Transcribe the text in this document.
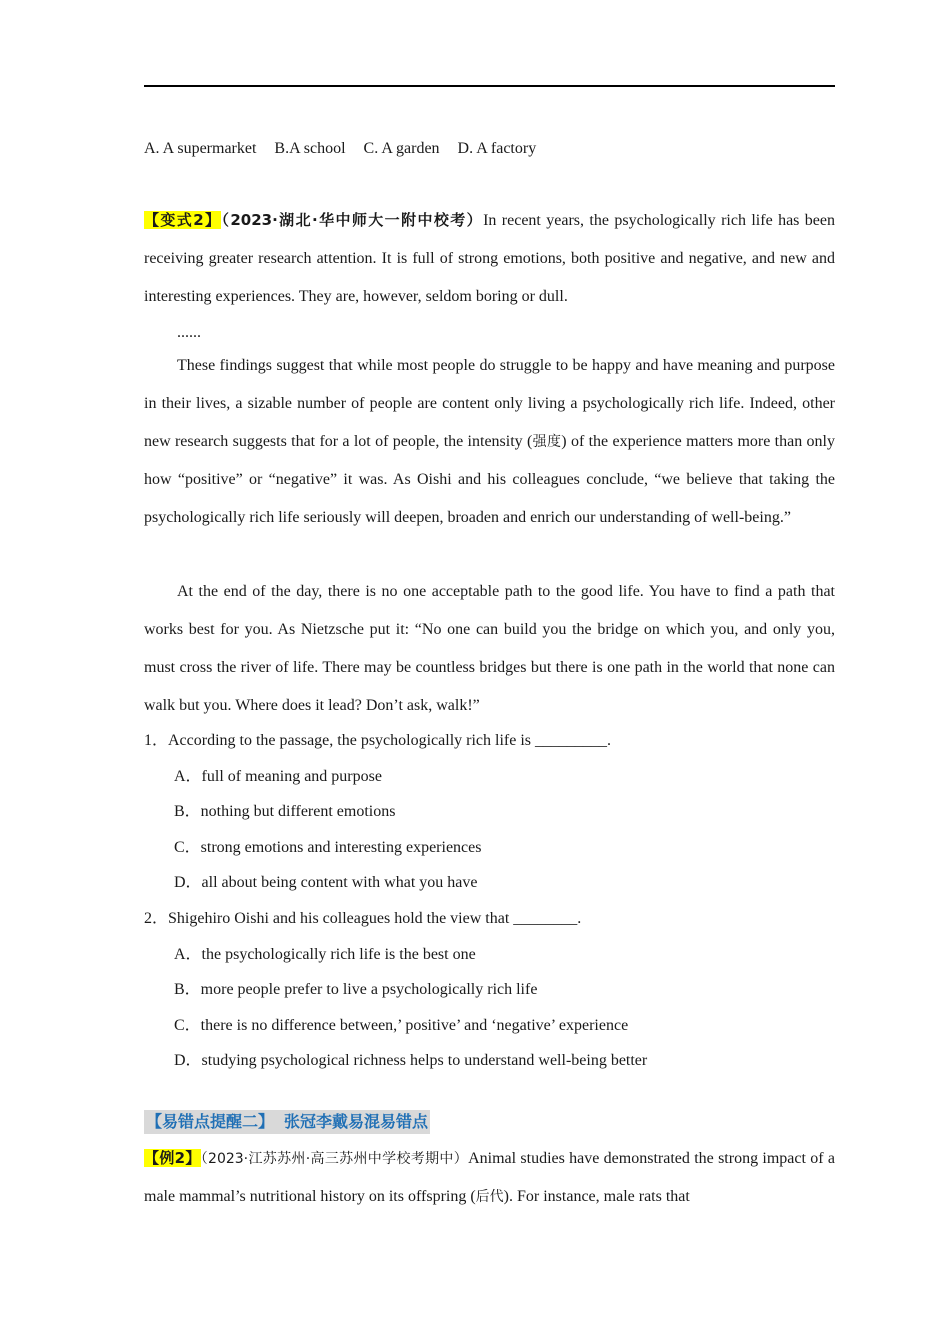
A. A supermarket B.A school C. A garden D. A factory

【变式2】（2023·湖北·华中师大一附中校考）In recent years, the psychologically rich life has been receiving greater research attention. It is full of strong emotions, both positive and negative, and new and interesting experiences. They are, however, seldom boring or dull.

......

These findings suggest that while most people do struggle to be happy and have meaning and purpose in their lives, a sizable number of people are content only living a psychologically rich life. Indeed, other new research suggests that for a lot of people, the intensity (强度) of the experience matters more than only how “positive” or “negative” it was. As Oishi and his colleagues conclude, “we believe that taking the psychologically rich life seriously will deepen, broaden and enrich our understanding of well-being.”

At the end of the day, there is no one acceptable path to the good life. You have to find a path that works best for you. As Nietzsche put it: “No one can build you the bridge on which you, and only you, must cross the river of life. There may be countless bridges but there is one path in the world that none can walk but you. Where does it lead? Don’t ask, walk!”

1．According to the passage, the psychologically rich life is _________.
A．full of meaning and purpose
B．nothing but different emotions
C．strong emotions and interesting experiences
D．all about being content with what you have
2．Shigehiro Oishi and his colleagues hold the view that ________.
A．the psychologically rich life is the best one
B．more people prefer to live a psychologically rich life
C．there is no difference between,’ positive’ and ‘negative’ experience
D．studying psychological richness helps to understand well-being better
【易错点提醒二】 张冠李戴易混易错点

【例2】（2023·江苏苏州·高三苏州中学校考期中）Animal studies have demonstrated the strong impact of a male mammal’s nutritional history on its offspring (后代). For instance, male rats that
